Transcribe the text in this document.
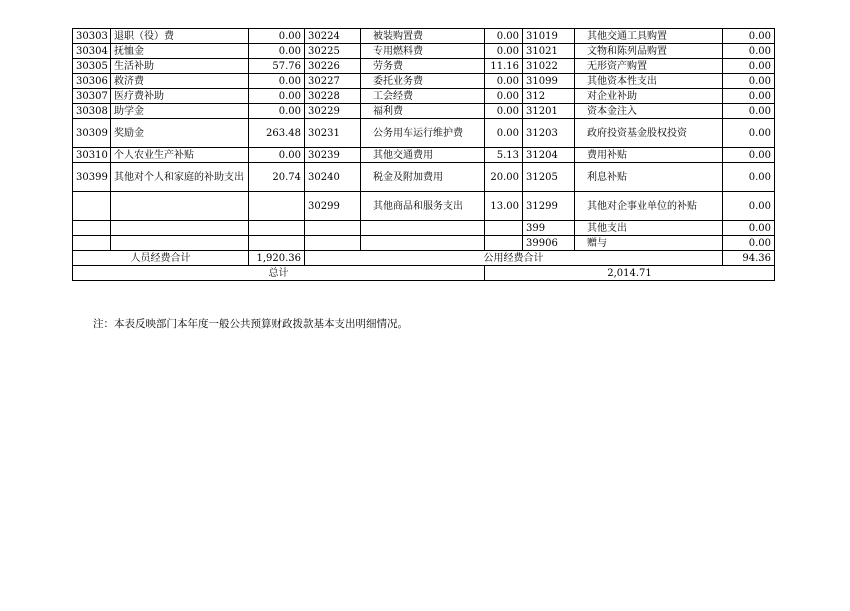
30303	退职（役）费	0.00	30224	被装购置费	0.00	31019	其他交通工具购置	0.00
30304	抚恤金	0.00	30225	专用燃料费	0.00	31021	文物和陈列品购置	0.00
30305	生活补助	57.76	30226	劳务费	11.16	31022	无形资产购置	0.00
30306	救济费	0.00	30227	委托业务费	0.00	31099	其他资本性支出	0.00
30307	医疗费补助	0.00	30228	工会经费	0.00	312	对企业补助	0.00
30308	助学金	0.00	30229	福利费	0.00	31201	资本金注入	0.00
30309	奖励金	263.48	30231	公务用车运行维护费	0.00	31203	政府投资基金股权投资	0.00
30310	个人农业生产补贴	0.00	30239	其他交通费用	5.13	31204	费用补贴	0.00
30399	其他对个人和家庭的补助支出	20.74	30240	税金及附加费用	20.00	31205	利息补贴	0.00
			30299	其他商品和服务支出	13.00	31299	其他对企事业单位的补贴	0.00
						399	其他支出	0.00
						39906	赠与	0.00
人员经费合计		1,920.36	公用经费合计					94.36
总计					2,014.71			
注：本表反映部门本年度一般公共预算财政拨款基本支出明细情况。
